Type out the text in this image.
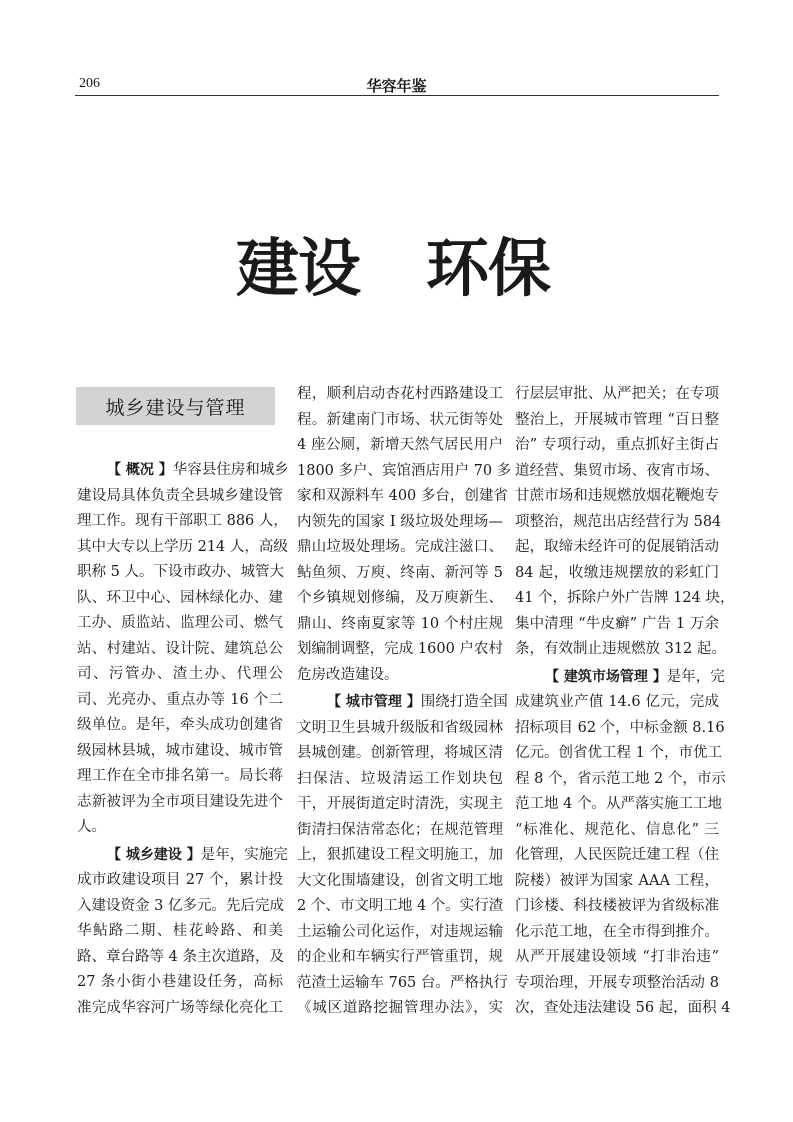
206	华容年鉴
建设 环保
城乡建设与管理
【 概况 】华容县住房和城乡
建设局具体负责全县城乡建设管
理工作。现有干部职工 886 人，
其中大专以上学历 214 人，高级
职称 5 人。下设市政办、城管大
队、环卫中心、园林绿化办、建
工办、质监站、监理公司、燃气
站、村建站、设计院、建筑总公
司、污管办、渣土办、代理公
司、光亮办、重点办等 16 个二
级单位。是年，牵头成功创建省
级园林县城，城市建设、城市管
理工作在全市排名第一。局长蒋
志新被评为全市项目建设先进个
人。
【 城乡建设 】是年，实施完
成市政建设项目 27 个，累计投
入建设资金 3 亿多元。先后完成
华鲇路二期、桂花岭路、和美
路、章台路等 4 条主次道路，及
27 条小街小巷建设任务，高标
准完成华容河广场等绿化亮化工
程，顺利启动杏花村西路建设工
程。新建南门市场、状元街等处
4 座公厕，新增天然气居民用户
1800 多户、宾馆酒店用户 70 多
家和双源料车 400 多台，创建省
内领先的国家 I 级垃圾处理场—
鼎山垃圾处理场。完成注滋口、
鲇鱼须、万庾、终南、新河等 5
个乡镇规划修编，及万庾新生、
鼎山、终南夏家等 10 个村庄规
划编制调整，完成 1600 户农村
危房改造建设。
【 城市管理 】围绕打造全国
文明卫生县城升级版和省级园林
县城创建。创新管理，将城区清
扫保洁、垃圾清运工作划块包
干，开展街道定时清洗，实现主
街清扫保洁常态化；在规范管理
上，狠抓建设工程文明施工，加
大文化围墙建设，创省文明工地
2 个、市文明工地 4 个。实行渣
土运输公司化运作，对违规运输
的企业和车辆实行严管重罚，规
范渣土运输车 765 台。严格执行
《城区道路挖掘管理办法》，实
行层层审批、从严把关；在专项
整治上，开展城市管理 “百日整
治” 专项行动，重点抓好主街占
道经营、集贸市场、夜宵市场、
甘蔗市场和违规燃放烟花鞭炮专
项整治，规范出店经营行为 584
起，取缔未经许可的促展销活动
84 起，收缴违规摆放的彩虹门
41 个，拆除户外广告牌 124 块，
集中清理 “牛皮癣” 广告 1 万余
条，有效制止违规燃放 312 起。
【 建筑市场管理 】是年，完
成建筑业产值 14.6 亿元，完成
招标项目 62 个，中标金额 8.16
亿元。创省优工程 1 个，市优工
程 8 个，省示范工地 2 个，市示
范工地 4 个。从严落实施工工地
“标准化、规范化、信息化” 三
化管理，人民医院迁建工程（住
院楼）被评为国家 AAA 工程，
门诊楼、科技楼被评为省级标准
化示范工地，在全市得到推介。
从严开展建设领域 “打非治违”
专项治理，开展专项整治活动 8
次，查处违法建设 56 起，面积 4
